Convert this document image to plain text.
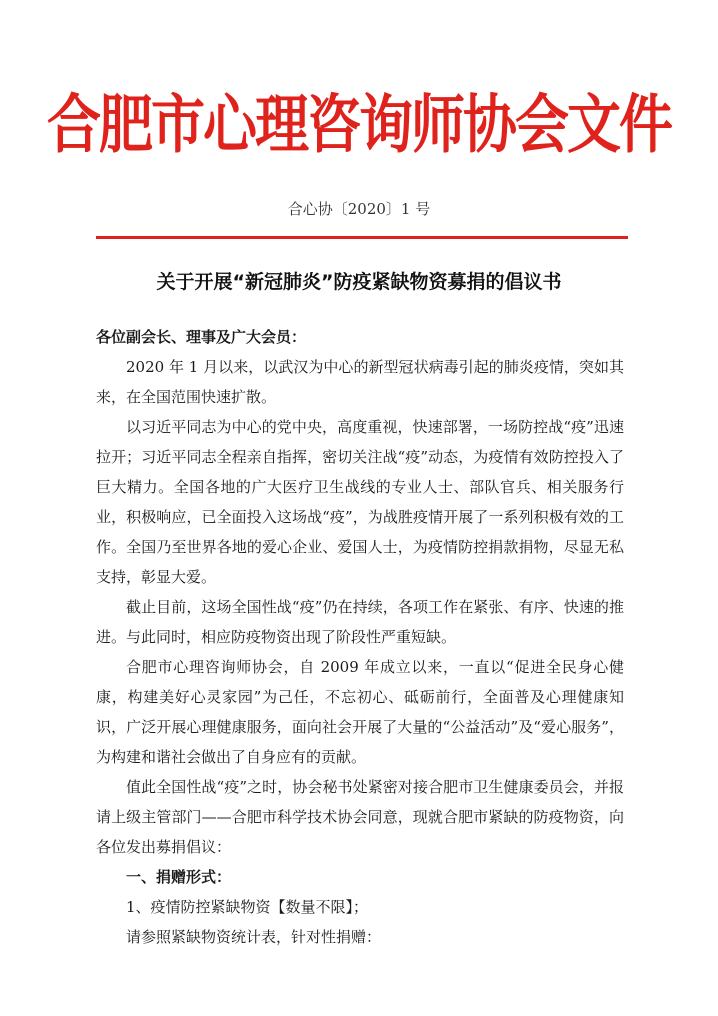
合肥市心理咨询师协会文件
合心协〔2020〕1 号
关于开展“新冠肺炎”防疫紧缺物资募捐的倡议书

各位副会长、理事及广大会员：

2020 年 1 月以来，以武汉为中心的新型冠状病毒引起的肺炎疫情，突如其来，在全国范围快速扩散。

以习近平同志为中心的党中央，高度重视，快速部署，一场防控战“疫”迅速拉开；习近平同志全程亲自指挥，密切关注战“疫”动态，为疫情有效防控投入了巨大精力。全国各地的广大医疗卫生战线的专业人士、部队官兵、相关服务行业，积极响应，已全面投入这场战“疫”，为战胜疫情开展了一系列积极有效的工作。全国乃至世界各地的爱心企业、爱国人士，为疫情防控捐款捐物，尽显无私支持，彰显大爱。

截止目前，这场全国性战“疫”仍在持续，各项工作在紧张、有序、快速的推进。与此同时，相应防疫物资出现了阶段性严重短缺。

合肥市心理咨询师协会，自 2009 年成立以来，一直以“促进全民身心健康，构建美好心灵家园”为己任，不忘初心、砥砺前行，全面普及心理健康知识，广泛开展心理健康服务，面向社会开展了大量的“公益活动”及“爱心服务”，为构建和谐社会做出了自身应有的贡献。

值此全国性战“疫”之时，协会秘书处紧密对接合肥市卫生健康委员会，并报请上级主管部门——合肥市科学技术协会同意，现就合肥市紧缺的防疫物资，向各位发出募捐倡议：

一、捐赠形式：

1、疫情防控紧缺物资【数量不限】；

请参照紧缺物资统计表，针对性捐赠：
